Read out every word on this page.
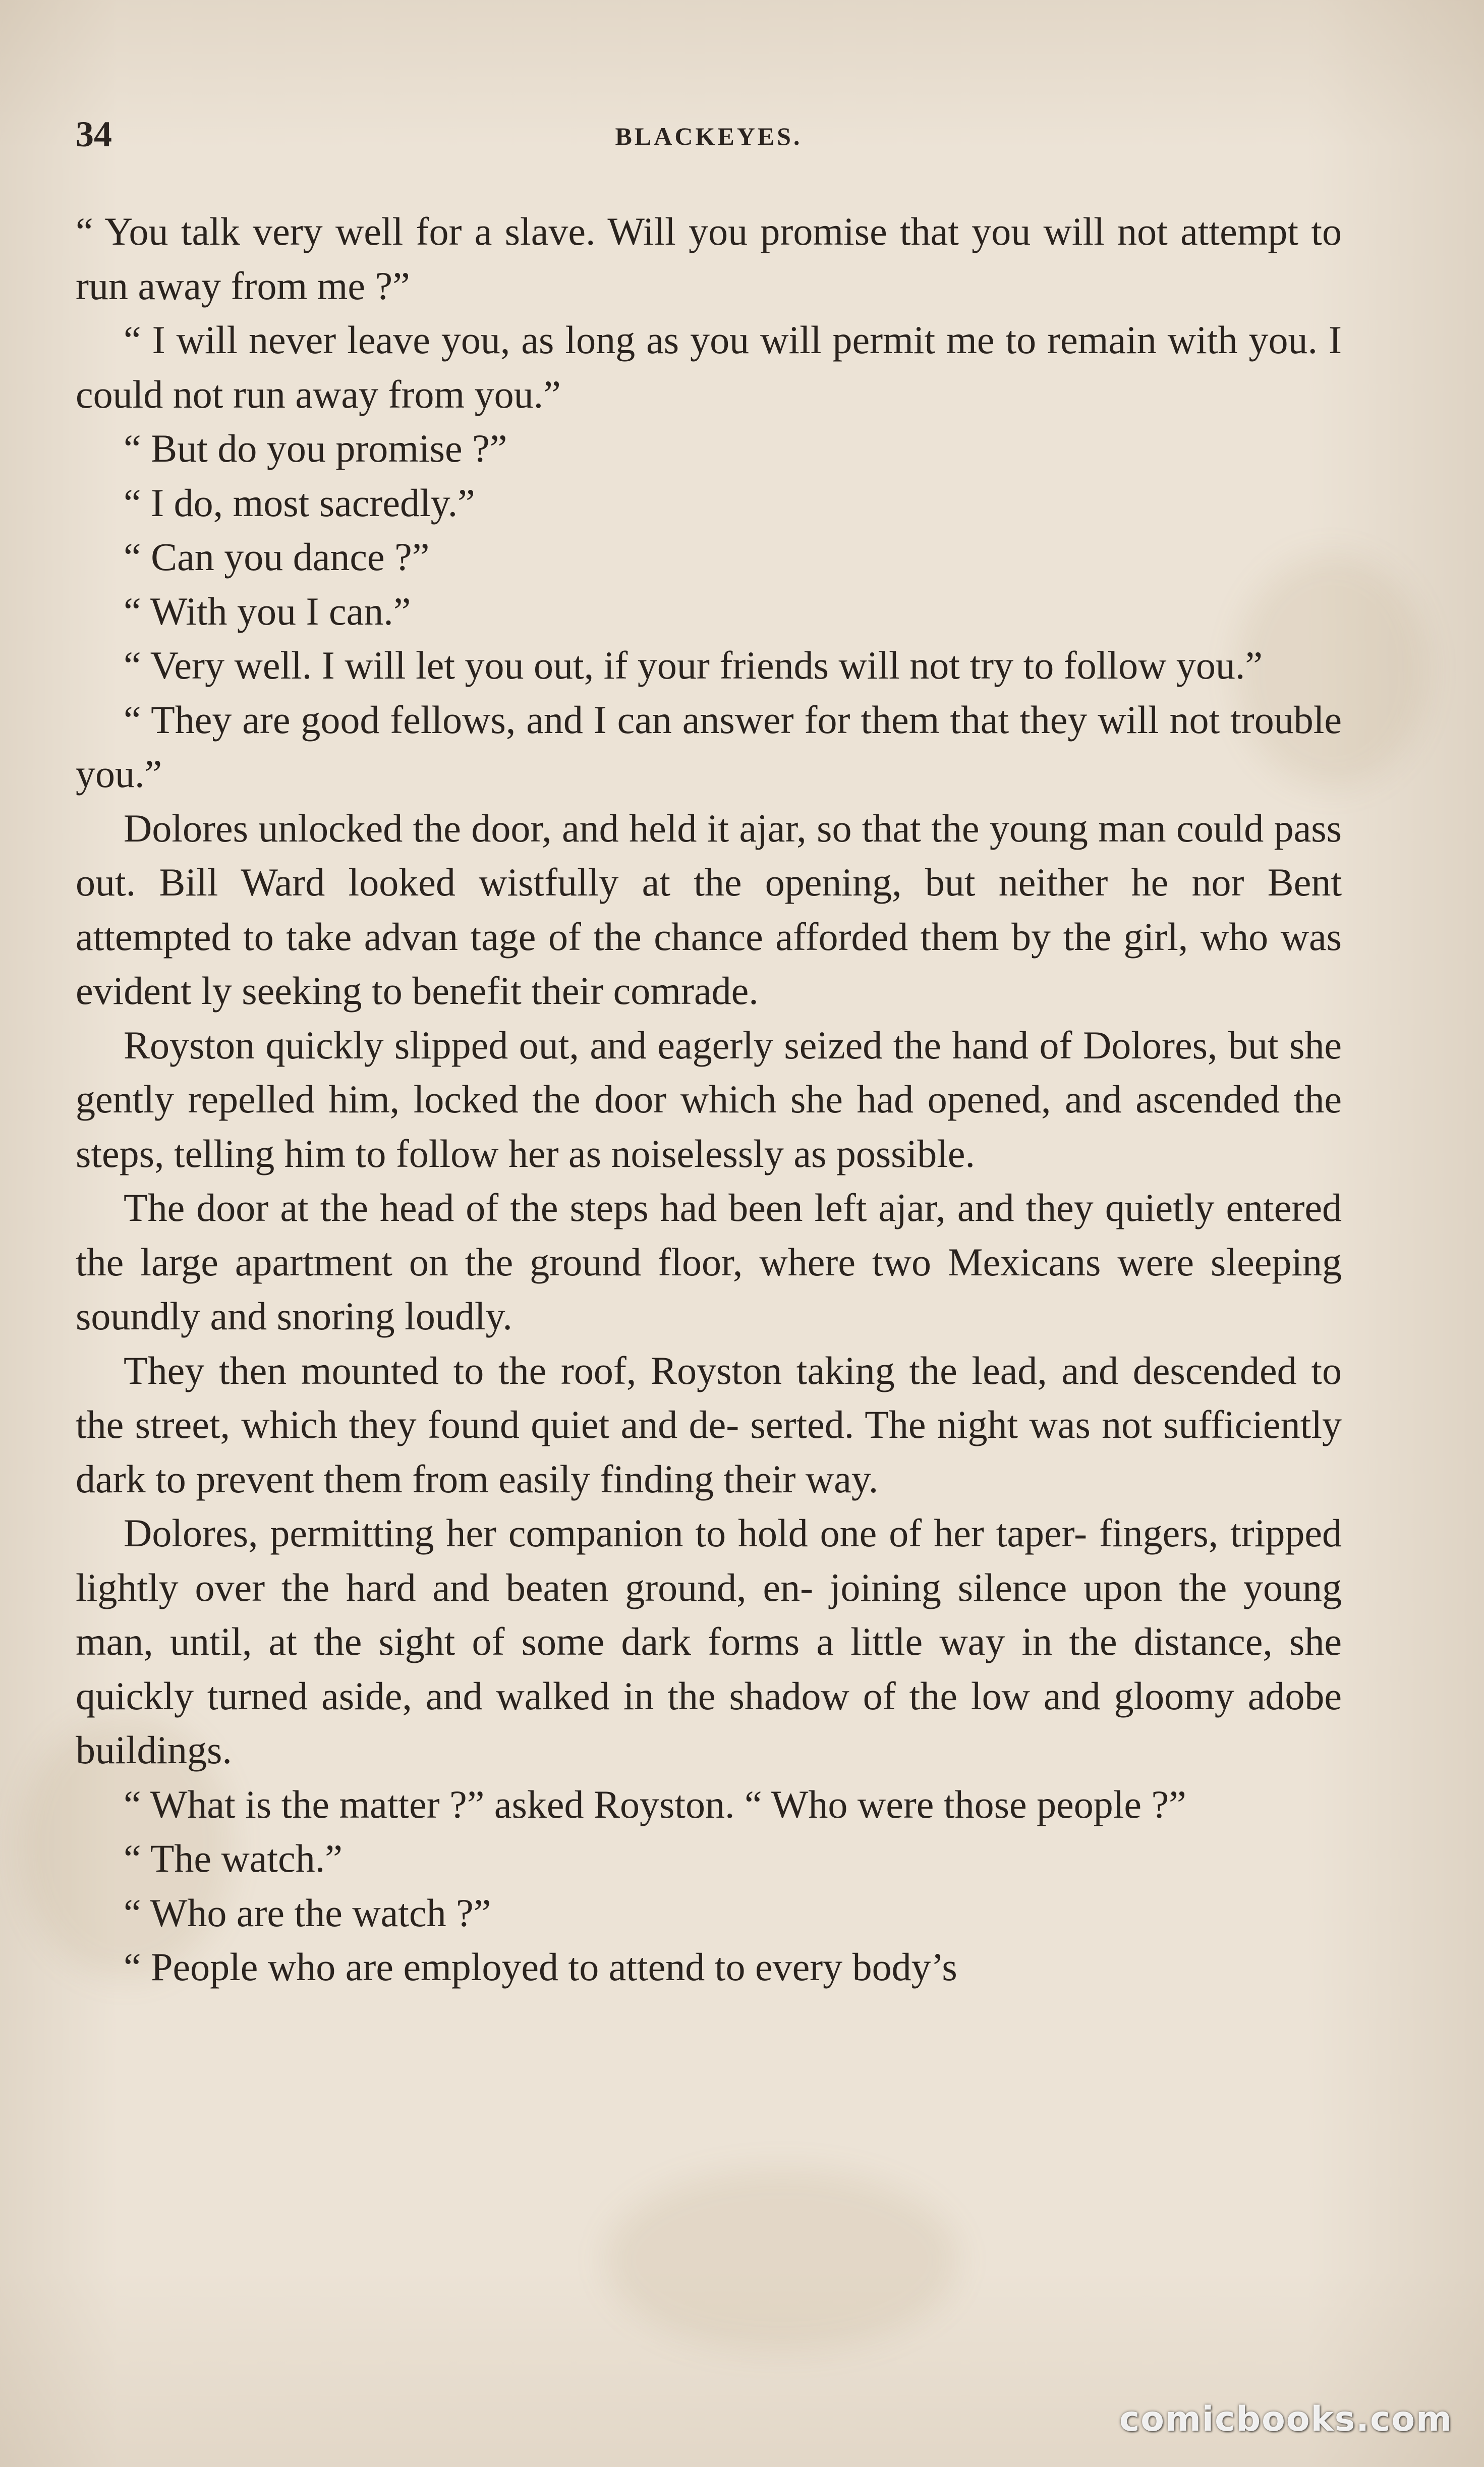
34	BLACKEYES.

“ You talk very well for a slave. Will you promise that you will not attempt to run away from me ?”

“ I will never leave you, as long as you will permit me to remain with you. I could not run away from you.”

“ But do you promise ?”

“ I do, most sacredly.”

“ Can you dance ?”

“ With you I can.”

“ Very well. I will let you out, if your friends will not try to follow you.”

“ They are good fellows, and I can answer for them that they will not trouble you.”

Dolores unlocked the door, and held it ajar, so that the young man could pass out. Bill Ward looked wistfully at the opening, but neither he nor Bent attempted to take advan tage of the chance afforded them by the girl, who was evident ly seeking to benefit their comrade.

Royston quickly slipped out, and eagerly seized the hand of Dolores, but she gently repelled him, locked the door which she had opened, and ascended the steps, telling him to follow her as noiselessly as possible.

The door at the head of the steps had been left ajar, and they quietly entered the large apartment on the ground floor, where two Mexicans were sleeping soundly and snoring loudly.

They then mounted to the roof, Royston taking the lead, and descended to the street, which they found quiet and de- serted. The night was not sufficiently dark to prevent them from easily finding their way.

Dolores, permitting her companion to hold one of her taper- fingers, tripped lightly over the hard and beaten ground, en- joining silence upon the young man, until, at the sight of some dark forms a little way in the distance, she quickly turned aside, and walked in the shadow of the low and gloomy adobe buildings.

“ What is the matter ?” asked Royston. “ Who were those people ?”

“ The watch.”

“ Who are the watch ?”

“ People who are employed to attend to every body’s

comicbooks.com
